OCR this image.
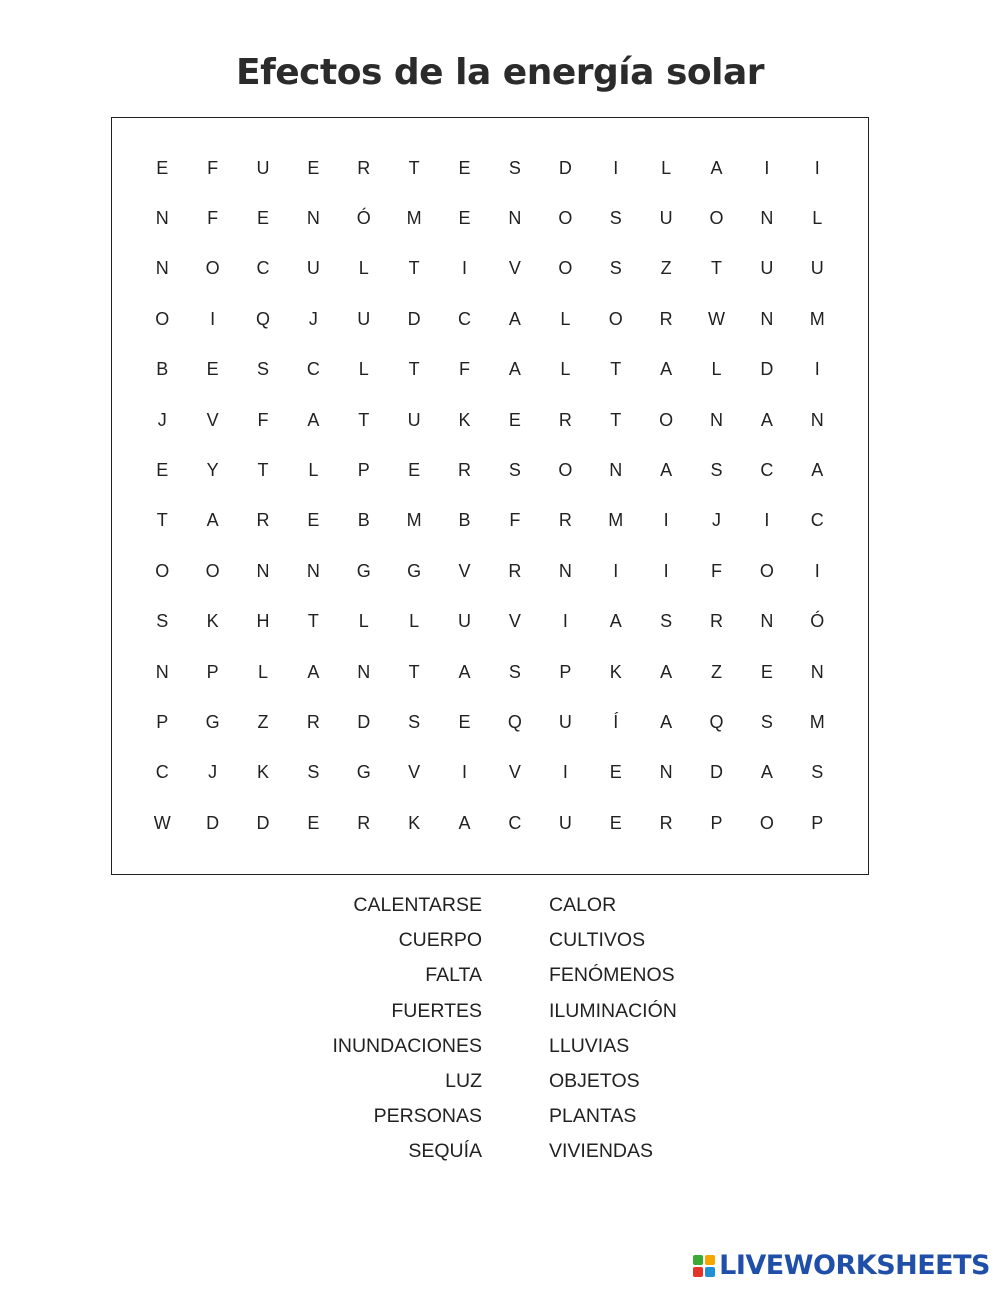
Efectos de la energía solar
E	F	U	E	R	T	E	S	D	I	L	A	I	I
N	F	E	N	Ó	M	E	N	O	S	U	O	N	L
N	O	C	U	L	T	I	V	O	S	Z	T	U	U
O	I	Q	J	U	D	C	A	L	O	R	W	N	M
B	E	S	C	L	T	F	A	L	T	A	L	D	I
J	V	F	A	T	U	K	E	R	T	O	N	A	N
E	Y	T	L	P	E	R	S	O	N	A	S	C	A
T	A	R	E	B	M	B	F	R	M	I	J	I	C
O	O	N	N	G	G	V	R	N	I	I	F	O	I
S	K	H	T	L	L	U	V	I	A	S	R	N	Ó
N	P	L	A	N	T	A	S	P	K	A	Z	E	N
P	G	Z	R	D	S	E	Q	U	Í	A	Q	S	M
C	J	K	S	G	V	I	V	I	E	N	D	A	S
W	D	D	E	R	K	A	C	U	E	R	P	O	P
CALENTARSE
CUERPO
FALTA
FUERTES
INUNDACIONES
LUZ
PERSONAS
SEQUÍA
CALOR
CULTIVOS
FENÓMENOS
ILUMINACIÓN
LLUVIAS
OBJETOS
PLANTAS
VIVIENDAS
LIVEWORKSHEETS
